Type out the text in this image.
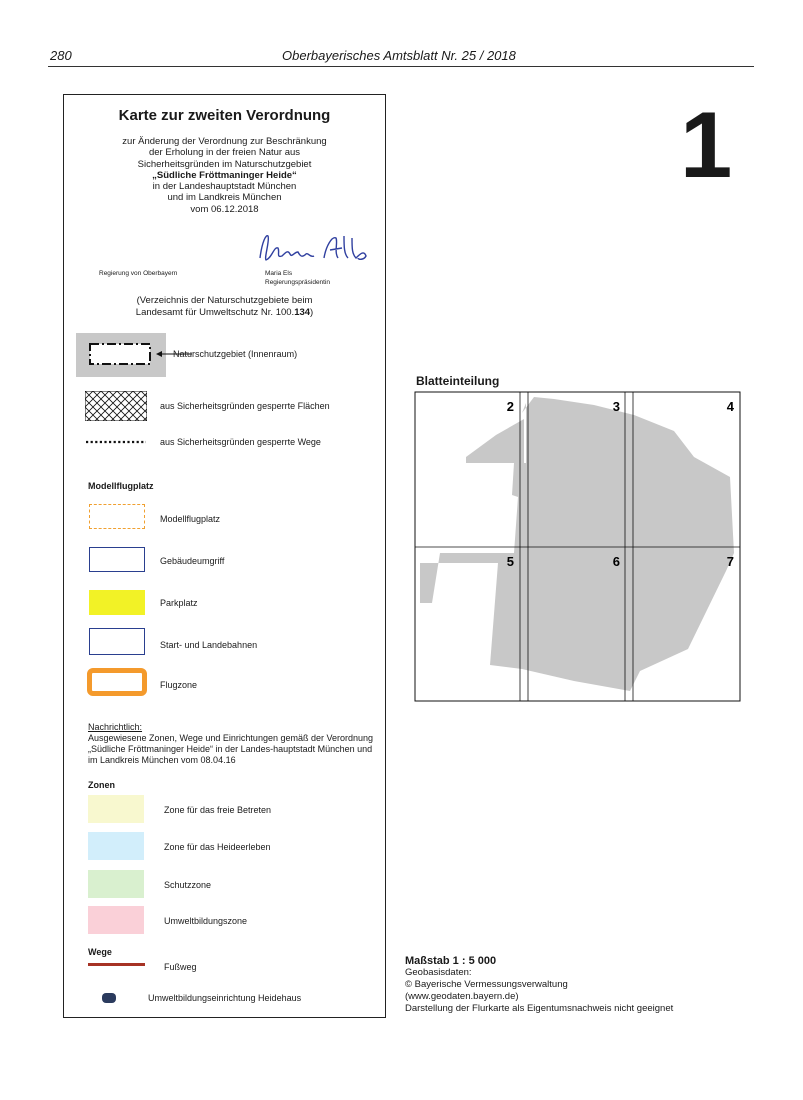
280	Oberbayerisches Amtsblatt Nr. 25 / 2018
1
Karte zur zweiten Verordnung
zur Änderung der Verordnung zur Beschränkung
der Erholung in der freien Natur aus
Sicherheitsgründen im Naturschutzgebiet
„Südliche Fröttmaninger Heide“
in der Landeshauptstadt München
und im Landkreis München
vom 06.12.2018
Regierung von Oberbayern	Maria Els
Regierungspräsidentin
(Verzeichnis der Naturschutzgebiete beim
Landesamt für Umweltschutz Nr. 100.134)
Naturschutzgebiet (Innenraum)
aus Sicherheitsgründen gesperrte Flächen
aus Sicherheitsgründen gesperrte Wege
Modellflugplatz
Modellflugplatz
Gebäudeumgriff
Parkplatz
Start- und Landebahnen
Flugzone
Nachrichtlich:
Ausgewiesene Zonen, Wege und Einrichtungen gemäß der Verordnung „Südliche Fröttmaninger Heide“ in der Landes-hauptstadt München und im Landkreis München vom 08.04.16
Zonen
Zone für das freie Betreten
Zone für das Heideerleben
Schutzzone
Umweltbildungszone
Wege
Fußweg
Umweltbildungseinrichtung Heidehaus
Blatteinteilung
2	3	4
5	6	7
Maßstab 1 : 5 000
Geobasisdaten:
© Bayerische Vermessungsverwaltung
(www.geodaten.bayern.de)
Darstellung der Flurkarte als Eigentumsnachweis nicht geeignet
